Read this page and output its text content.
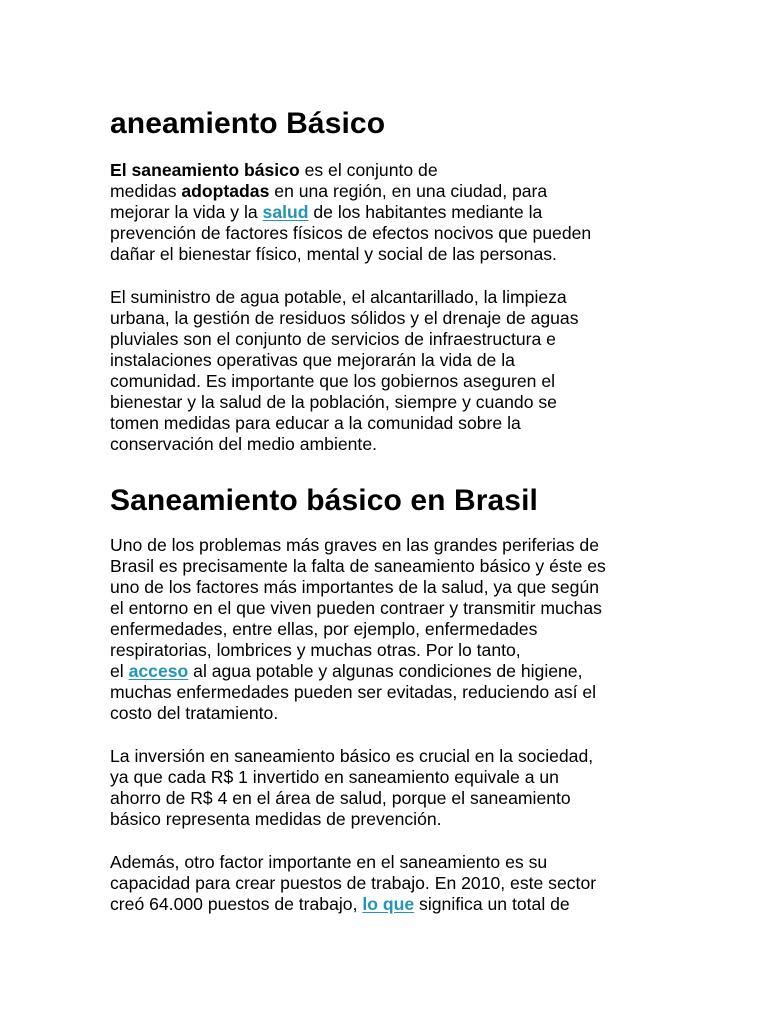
aneamiento Básico

El saneamiento básico es el conjunto de
medidas adoptadas en una región, en una ciudad, para
mejorar la vida y la salud de los habitantes mediante la
prevención de factores físicos de efectos nocivos que pueden
dañar el bienestar físico, mental y social de las personas.

El suministro de agua potable, el alcantarillado, la limpieza
urbana, la gestión de residuos sólidos y el drenaje de aguas
pluviales son el conjunto de servicios de infraestructura e
instalaciones operativas que mejorarán la vida de la
comunidad. Es importante que los gobiernos aseguren el
bienestar y la salud de la población, siempre y cuando se
tomen medidas para educar a la comunidad sobre la
conservación del medio ambiente.

Saneamiento básico en Brasil

Uno de los problemas más graves en las grandes periferias de
Brasil es precisamente la falta de saneamiento básico y éste es
uno de los factores más importantes de la salud, ya que según
el entorno en el que viven pueden contraer y transmitir muchas
enfermedades, entre ellas, por ejemplo, enfermedades
respiratorias, lombrices y muchas otras. Por lo tanto,
el acceso al agua potable y algunas condiciones de higiene,
muchas enfermedades pueden ser evitadas, reduciendo así el
costo del tratamiento.

La inversión en saneamiento básico es crucial en la sociedad,
ya que cada R$ 1 invertido en saneamiento equivale a un
ahorro de R$ 4 en el área de salud, porque el saneamiento
básico representa medidas de prevención.

Además, otro factor importante en el saneamiento es su
capacidad para crear puestos de trabajo. En 2010, este sector
creó 64.000 puestos de trabajo, lo que significa un total de
